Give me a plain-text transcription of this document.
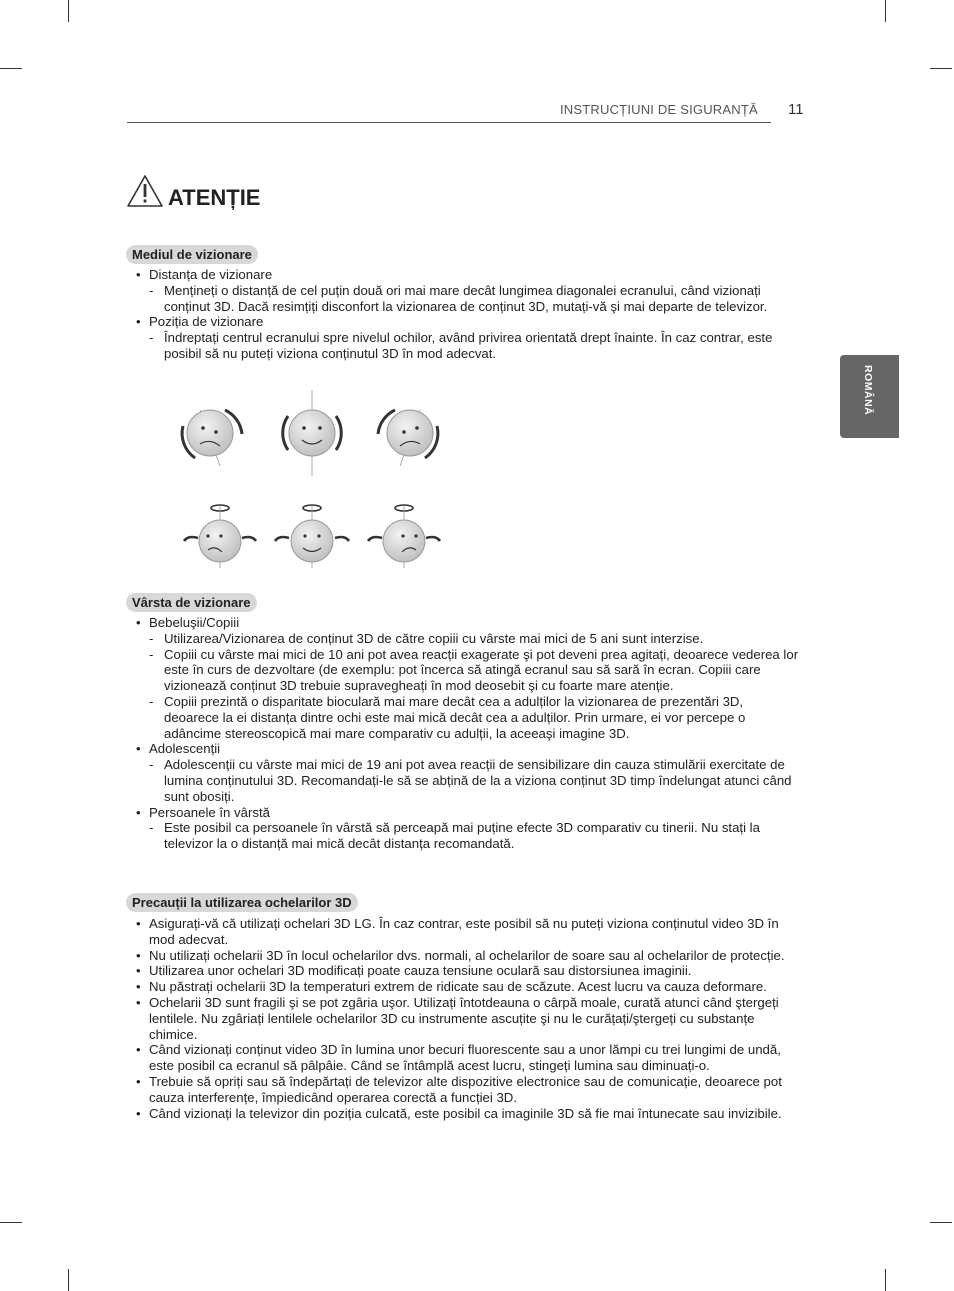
INSTRUCȚIUNI DE SIGURANȚĂ 11
ROMÂNĂ
ATENȚIE
Mediul de vizionare
Vârsta de vizionare
Precauții la utilizarea ochelarilor 3D
• Distanța de vizionare
- Mențineți o distanță de cel puțin două ori mai mare decât lungimea diagonalei ecranului, când vizionați conținut 3D. Dacă resimțiți disconfort la vizionarea de conținut 3D, mutați-vă şi mai departe de televizor.
• Poziția de vizionare
- Îndreptați centrul ecranului spre nivelul ochilor, având privirea orientată drept înainte. În caz contrar, este posibil să nu puteți viziona conținutul 3D în mod adecvat.
• Bebeluşii/Copiii
- Utilizarea/Vizionarea de conținut 3D de către copiii cu vârste mai mici de 5 ani sunt interzise.
- Copiii cu vârste mai mici de 10 ani pot avea reacții exagerate şi pot deveni prea agitați, deoarece vederea lor este în curs de dezvoltare (de exemplu: pot încerca să atingă ecranul sau să sară în ecran. Copiii care vizionează conținut 3D trebuie supravegheați în mod deosebit şi cu foarte mare atenție.
- Copiii prezintă o disparitate bioculară mai mare decât cea a adulților la vizionarea de prezentări 3D, deoarece la ei distanța dintre ochi este mai mică decât cea a adulților. Prin urmare, ei vor percepe o adâncime stereoscopică mai mare comparativ cu adulții, la aceeaşi imagine 3D.
• Adolescenții
- Adolescenții cu vârste mai mici de 19 ani pot avea reacții de sensibilizare din cauza stimulării exercitate de lumina conținutului 3D. Recomandați-le să se abțină de la a viziona conținut 3D timp îndelungat atunci când sunt obosiți.
• Persoanele în vârstă
- Este posibil ca persoanele în vârstă să perceapă mai puține efecte 3D comparativ cu tinerii. Nu stați la televizor la o distanță mai mică decât distanța recomandată.
• Asigurați-vă că utilizați ochelari 3D LG. În caz contrar, este posibil să nu puteți viziona conținutul video 3D în mod adecvat.
• Nu utilizați ochelarii 3D în locul ochelarilor dvs. normali, al ochelarilor de soare sau al ochelarilor de protecție.
• Utilizarea unor ochelari 3D modificați poate cauza tensiune oculară sau distorsiunea imaginii.
• Nu păstrați ochelarii 3D la temperaturi extrem de ridicate sau de scăzute. Acest lucru va cauza deformare.
• Ochelarii 3D sunt fragili şi se pot zgâria uşor. Utilizați întotdeauna o cârpă moale, curată atunci când ştergeți lentilele. Nu zgâriați lentilele ochelarilor 3D cu instrumente ascuțite şi nu le curățați/ştergeți cu substanțe chimice.
• Când vizionați conținut video 3D în lumina unor becuri fluorescente sau a unor lămpi cu trei lungimi de undă, este posibil ca ecranul să pâlpâie. Când se întâmplă acest lucru, stingeți lumina sau diminuați-o.
• Trebuie să opriți sau să îndepărtați de televizor alte dispozitive electronice sau de comunicație, deoarece pot cauza interferențe, împiedicând operarea corectă a funcției 3D.
• Când vizionați la televizor din poziția culcată, este posibil ca imaginile 3D să fie mai întunecate sau invizibile.
